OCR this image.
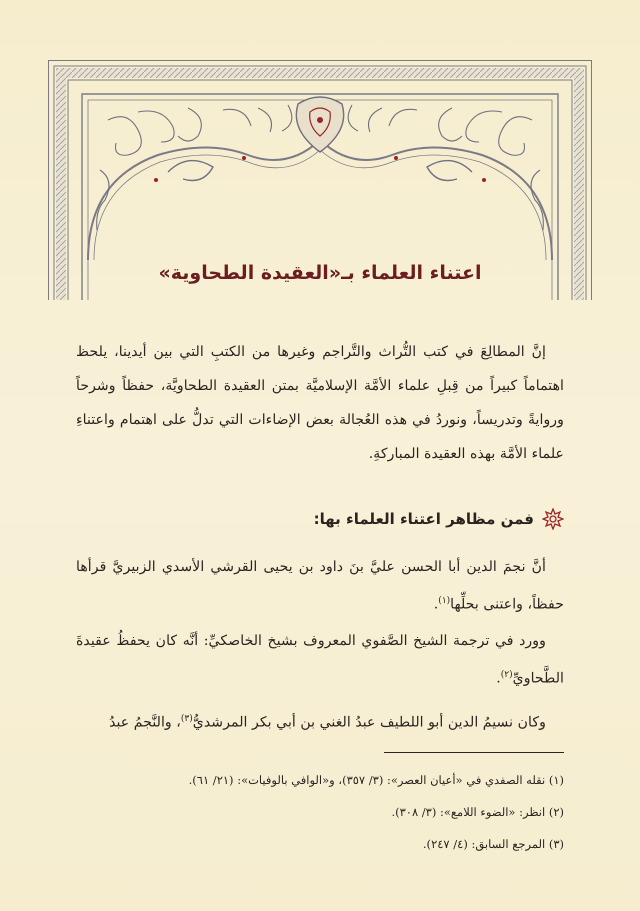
اعتناء العلماء بـ«العقيدة الطحاوية»

إنَّ المطالِعَ في كتب التُّراث والتَّراجم وغيرها من الكتبِ التي بين أيدينا، يلحظ اهتماماً كبيراً من قِبلِ علماء الأمَّة الإسلاميَّة بمتن العقيدة الطحاويَّة، حفظاً وشرحاً وروايةً وتدريساً، ونوردُ في هذه العُجالة بعض الإضاءات التي تدلُّ على اهتمام واعتناءِ علماء الأمَّة بهذه العقيدة المباركةِ.

فمن مظاهر اعتناء العلماء بها:

أنَّ نجمَ الدين أبا الحسن عليَّ بنَ داود بن يحيى القرشي الأسدي الزبيريَّ قرأها حفظاً، واعتنى بحلِّها$^{(١)}$.

وورد في ترجمة الشيخ الصَّفوي المعروف بشيخ الخاصكيِّ: أنَّه كان يحفظُ عقيدةَ الطَّحاويِّ$^{(٢)}$.

وكان نسيمُ الدين أبو اللطيف عبدُ الغني بن أبي بكر المرشديُّ$^{(٣)}$، والنَّجمُ عبدُ

(١) نقله الصفدي في «أعيان العصر»: (٣/ ٣٥٧)، و«الوافي بالوفيات»: (٢١/ ٦١).
(٢) انظر: «الضوء اللامع»: (٣/ ٣٠٨).
(٣) المرجع السابق: (٤/ ٢٤٧).
